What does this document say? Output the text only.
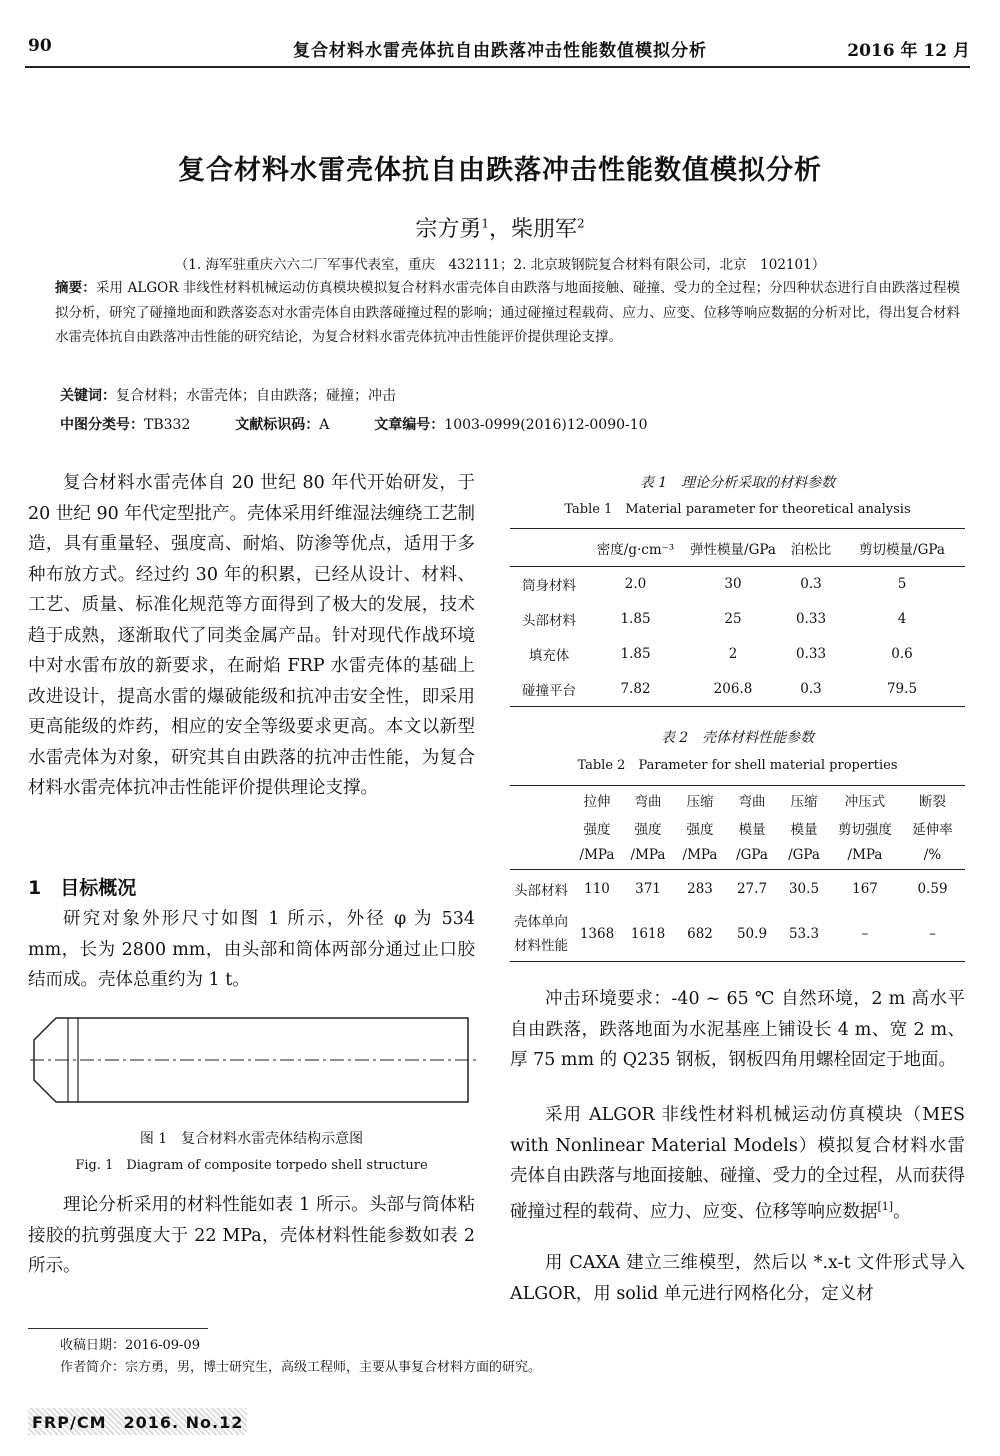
90	复合材料水雷壳体抗自由跌落冲击性能数值模拟分析	2016 年 12 月
复合材料水雷壳体抗自由跌落冲击性能数值模拟分析
宗方勇$^1$，柴朋军$^2$
（1. 海军驻重庆六六二厂军事代表室，重庆　432111；2. 北京玻钢院复合材料有限公司，北京　102101）
摘要：采用 ALGOR 非线性材料机械运动仿真模块模拟复合材料水雷壳体自由跌落与地面接触、碰撞、受力的全过程；分四种状态进行自由跌落过程模拟分析，研究了碰撞地面和跌落姿态对水雷壳体自由跌落碰撞过程的影响；通过碰撞过程载荷、应力、应变、位移等响应数据的分析对比，得出复合材料水雷壳体抗自由跌落冲击性能的研究结论，为复合材料水雷壳体抗冲击性能评价提供理论支撑。
关键词：复合材料；水雷壳体；自由跌落；碰撞；冲击
中图分类号：TB332	文献标识码：A	文章编号：1003-0999(2016)12-0090-10
复合材料水雷壳体自 20 世纪 80 年代开始研发，于 20 世纪 90 年代定型批产。壳体采用纤维湿法缠绕工艺制造，具有重量轻、强度高、耐焰、防渗等优点，适用于多种布放方式。经过约 30 年的积累，已经从设计、材料、工艺、质量、标准化规范等方面得到了极大的发展，技术趋于成熟，逐渐取代了同类金属产品。针对现代作战环境中对水雷布放的新要求，在耐焰 FRP 水雷壳体的基础上改进设计，提高水雷的爆破能级和抗冲击安全性，即采用更高能级的炸药，相应的安全等级要求更高。本文以新型水雷壳体为对象，研究其自由跌落的抗冲击性能，为复合材料水雷壳体抗冲击性能评价提供理论支撑。
1　目标概况
研究对象外形尺寸如图 1 所示，外径 φ 为 534 mm，长为 2800 mm，由头部和筒体两部分通过止口胶结而成。壳体总重约为 1 t。
图 1　复合材料水雷壳体结构示意图
Fig. 1　Diagram of composite torpedo shell structure
理论分析采用的材料性能如表 1 所示。头部与筒体粘接胶的抗剪强度大于 22 MPa，壳体材料性能参数如表 2 所示。
表 1　理论分析采取的材料参数
Table 1　Material parameter for theoretical analysis
	密度/g·cm⁻³	弹性模量/GPa	泊松比	剪切模量/GPa
筒身材料	2.0	30	0.3	5
头部材料	1.85	25	0.33	4
填充体	1.85	2	0.33	0.6
碰撞平台	7.82	206.8	0.3	79.5
表 2　壳体材料性能参数
Table 2　Parameter for shell material properties
	拉伸	弯曲	压缩	弯曲	压缩	冲压式	断裂
	强度	强度	强度	模量	模量	剪切强度	延伸率
	/MPa	/MPa	/MPa	/GPa	/GPa	/MPa	/%
头部材料	110	371	283	27.7	30.5	167	0.59

壳体单向
材料性能	1368	1618	682	50.9	53.3	–	–
冲击环境要求：-40 ~ 65 ℃ 自然环境，2 m 高水平自由跌落，跌落地面为水泥基座上铺设长 4 m、宽 2 m、厚 75 mm 的 Q235 钢板，钢板四角用螺栓固定于地面。
采用 ALGOR 非线性材料机械运动仿真模块（MES with Nonlinear Material Models）模拟复合材料水雷壳体自由跌落与地面接触、碰撞、受力的全过程，从而获得碰撞过程的载荷、应力、应变、位移等响应数据[1]。
用 CAXA 建立三维模型，然后以 *.x-t 文件形式导入 ALGOR，用 solid 单元进行网格化分，定义材
收稿日期：2016-09-09
作者简介：宗方勇，男，博士研究生，高级工程师，主要从事复合材料方面的研究。
FRP/CM　2016. No.12
